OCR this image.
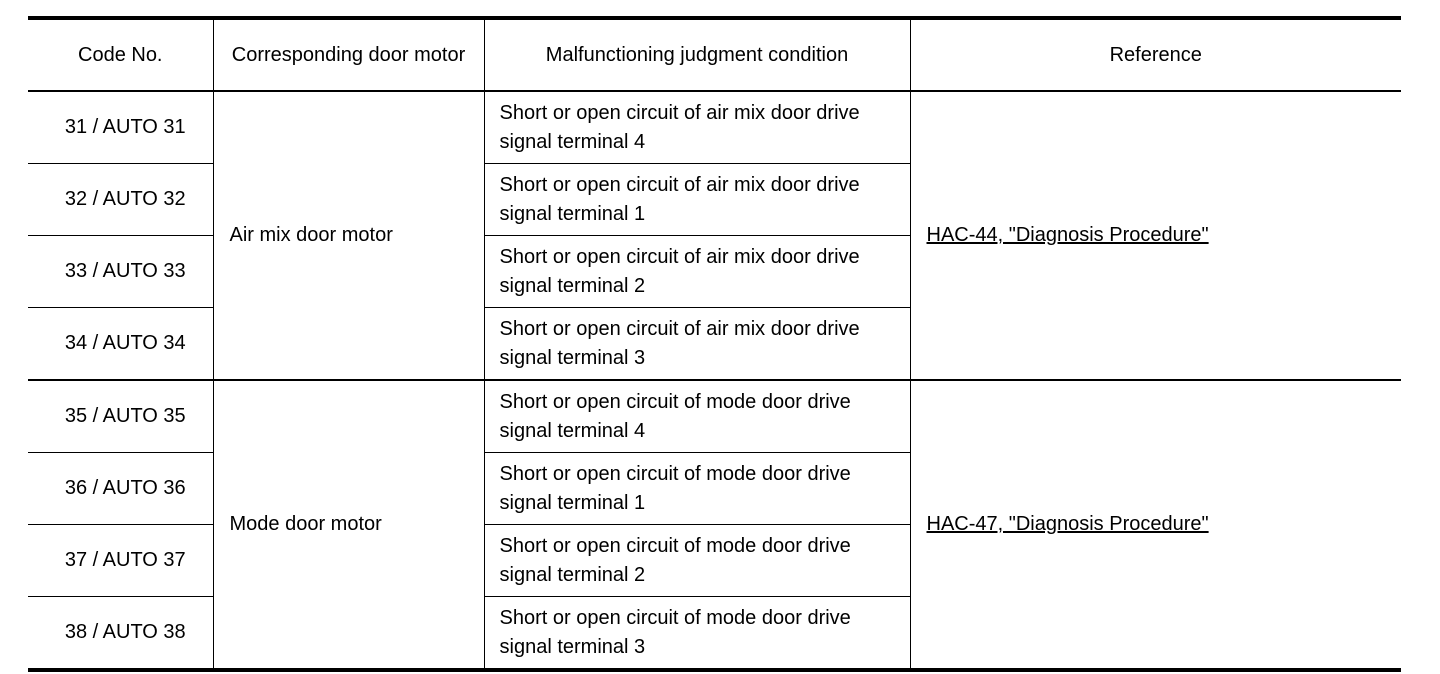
Code No.	Corresponding door motor	Malfunctioning judgment condition	Reference
31 / AUTO 31	Air mix door motor	Short or open circuit of air mix door drive signal terminal 4	HAC-44, "Diagnosis Procedure"
32 / AUTO 32		Short or open circuit of air mix door drive signal terminal 1	
33 / AUTO 33		Short or open circuit of air mix door drive signal terminal 2	
34 / AUTO 34		Short or open circuit of air mix door drive signal terminal 3	
35 / AUTO 35	Mode door motor	Short or open circuit of mode door drive signal terminal 4	HAC-47, "Diagnosis Procedure"
36 / AUTO 36		Short or open circuit of mode door drive signal terminal 1	
37 / AUTO 37		Short or open circuit of mode door drive signal terminal 2	
38 / AUTO 38		Short or open circuit of mode door drive signal terminal 3	
